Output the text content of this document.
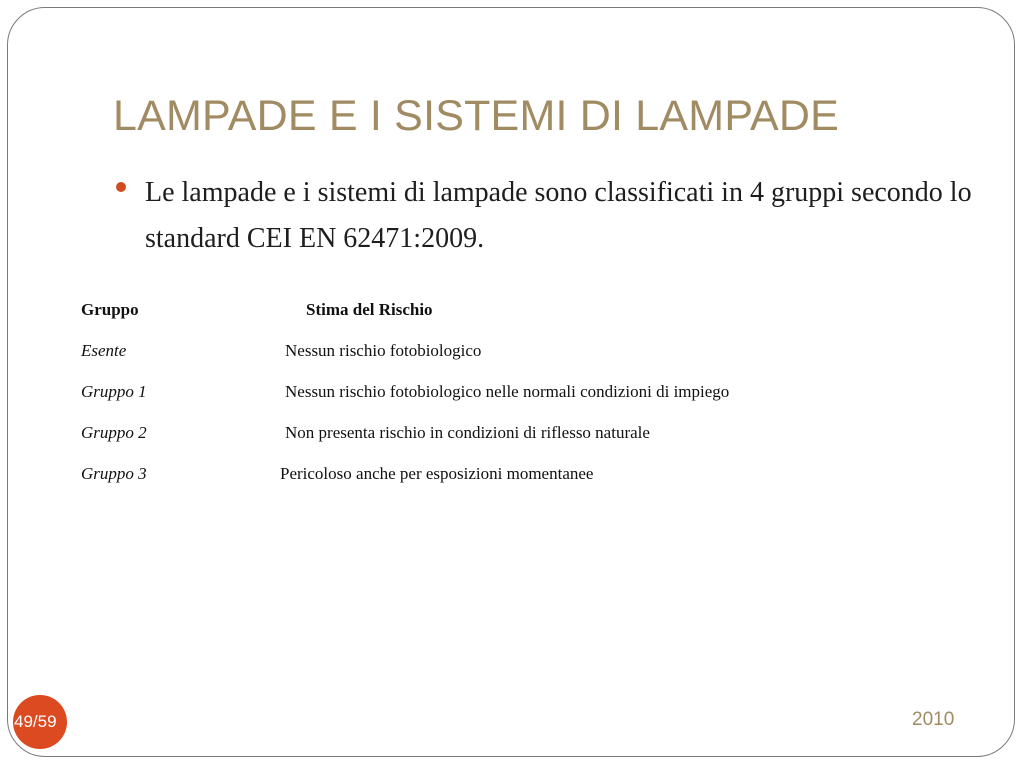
LAMPADE E I SISTEMI DI LAMPADE

Le lampade e i sistemi di lampade sono classificati in 4 gruppi secondo lo standard CEI EN 62471:2009.

Gruppo	Stima del Rischio
Esente	Nessun rischio fotobiologico
Gruppo 1	Nessun rischio fotobiologico nelle normali condizioni di impiego
Gruppo 2	Non presenta rischio in condizioni di riflesso naturale
Gruppo 3	Pericoloso anche per esposizioni momentanee
49/59	2010
